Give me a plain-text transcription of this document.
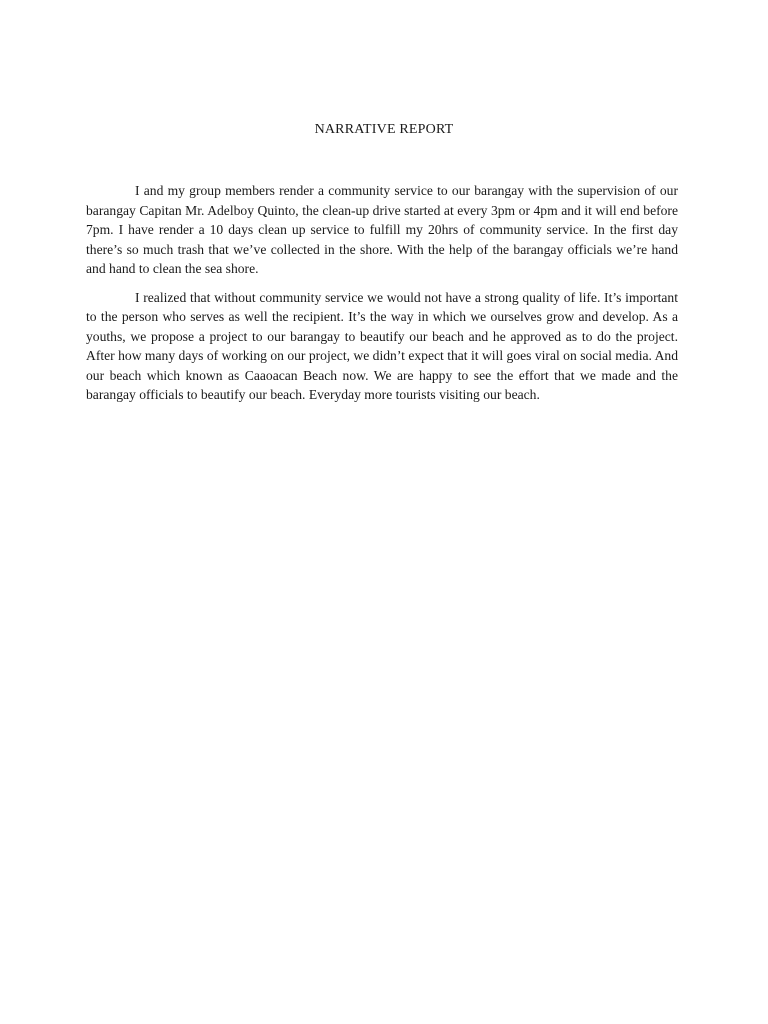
NARRATIVE REPORT

I and my group members render a community service to our barangay with the supervision of our barangay Capitan Mr. Adelboy Quinto, the clean-up drive started at every 3pm or 4pm and it will end before 7pm. I have render a 10 days clean up service to fulfill my 20hrs of community service. In the first day there’s so much trash that we’ve collected in the shore. With the help of the barangay officials we’re hand and hand to clean the sea shore.

I realized that without community service we would not have a strong quality of life. It’s important to the person who serves as well the recipient. It’s the way in which we ourselves grow and develop. As a youths, we propose a project to our barangay to beautify our beach and he approved as to do the project. After how many days of working on our project, we didn’t expect that it will goes viral on social media. And our beach which known as Caaoacan Beach now. We are happy to see the effort that we made and the barangay officials to beautify our beach. Everyday more tourists visiting our beach.
